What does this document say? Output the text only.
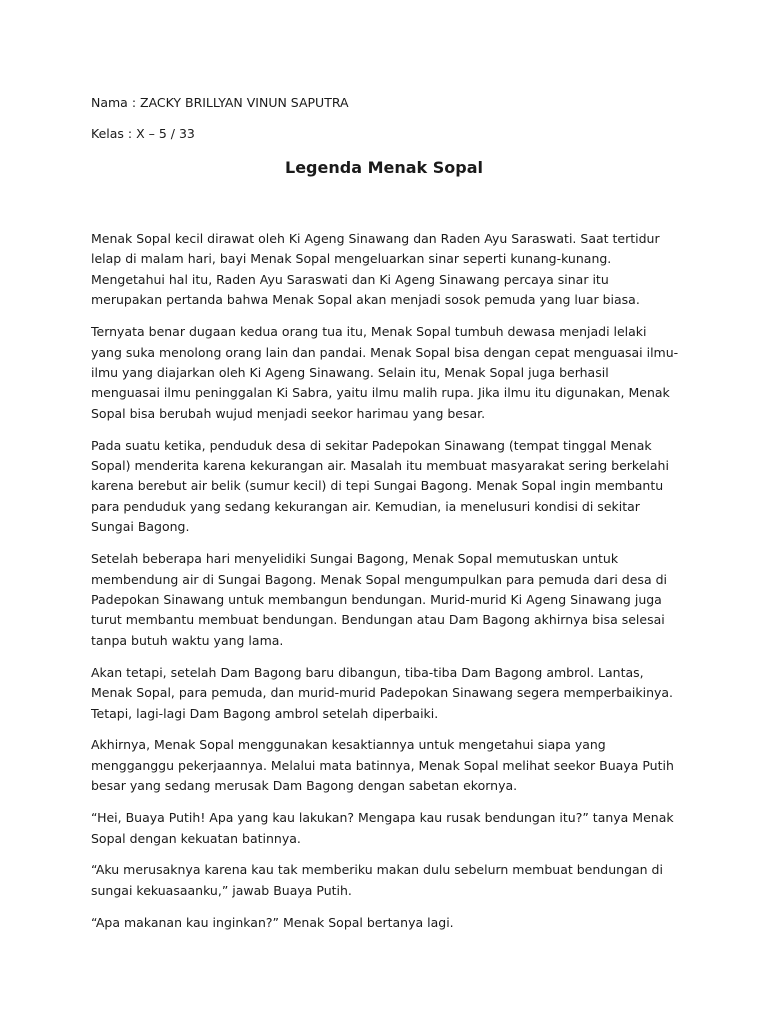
Nama : ZACKY BRILLYAN VINUN SAPUTRA

Kelas : X – 5 / 33

Legenda Menak Sopal

Menak Sopal kecil dirawat oleh Ki Ageng Sinawang dan Raden Ayu Saraswati. Saat tertidur lelap di malam hari, bayi Menak Sopal mengeluarkan sinar seperti kunang-kunang. Mengetahui hal itu, Raden Ayu Saraswati dan Ki Ageng Sinawang percaya sinar itu merupakan pertanda bahwa Menak Sopal akan menjadi sosok pemuda yang luar biasa.

Ternyata benar dugaan kedua orang tua itu, Menak Sopal tumbuh dewasa menjadi lelaki yang suka menolong orang lain dan pandai. Menak Sopal bisa dengan cepat menguasai ilmu-ilmu yang diajarkan oleh Ki Ageng Sinawang. Selain itu, Menak Sopal juga berhasil menguasai ilmu peninggalan Ki Sabra, yaitu ilmu malih rupa. Jika ilmu itu digunakan, Menak Sopal bisa berubah wujud menjadi seekor harimau yang besar.

Pada suatu ketika, penduduk desa di sekitar Padepokan Sinawang (tempat tinggal Menak Sopal) menderita karena kekurangan air. Masalah itu membuat masyarakat sering berkelahi karena berebut air belik (sumur kecil) di tepi Sungai Bagong. Menak Sopal ingin membantu para penduduk yang sedang kekurangan air. Kemudian, ia menelusuri kondisi di sekitar Sungai Bagong.

Setelah beberapa hari menyelidiki Sungai Bagong, Menak Sopal memutuskan untuk membendung air di Sungai Bagong. Menak Sopal mengumpulkan para pemuda dari desa di Padepokan Sinawang untuk membangun bendungan. Murid-murid Ki Ageng Sinawang juga turut membantu membuat bendungan. Bendungan atau Dam Bagong akhirnya bisa selesai tanpa butuh waktu yang lama.

Akan tetapi, setelah Dam Bagong baru dibangun, tiba-tiba Dam Bagong ambrol. Lantas, Menak Sopal, para pemuda, dan murid-murid Padepokan Sinawang segera memperbaikinya. Tetapi, lagi-lagi Dam Bagong ambrol setelah diperbaiki.

Akhirnya, Menak Sopal menggunakan kesaktiannya untuk mengetahui siapa yang mengganggu pekerjaannya. Melalui mata batinnya, Menak Sopal melihat seekor Buaya Putih besar yang sedang merusak Dam Bagong dengan sabetan ekornya.

“Hei, Buaya Putih! Apa yang kau lakukan? Mengapa kau rusak bendungan itu?” tanya Menak Sopal dengan kekuatan batinnya.

“Aku merusaknya karena kau tak memberiku makan dulu sebelurn membuat bendungan di sungai kekuasaanku,” jawab Buaya Putih.

“Apa makanan kau inginkan?” Menak Sopal bertanya lagi.
